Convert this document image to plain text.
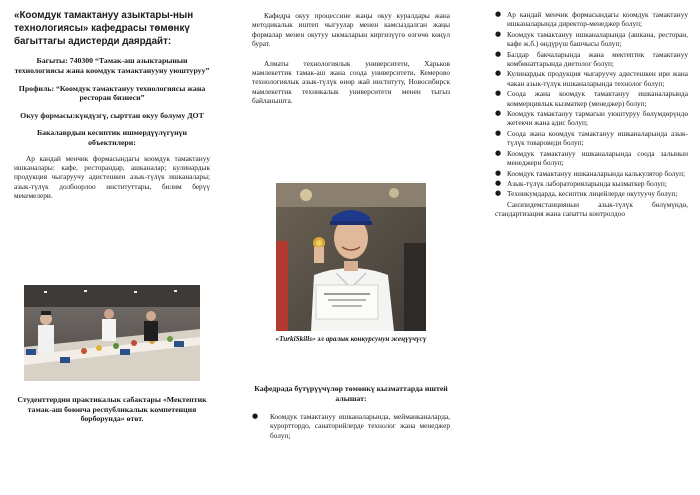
«Коомдук тамактануу азыктары-нын технологиясы» кафедрасы төмөнкү багыттагы адистерди даярдайт:
Багыты: 740300 “Тамак-аш азыктарынын технологиясы жана коомдук тамактанууну уюштуруу”
Профиль: “Коомдук тамактануу технологиясы жана ресторан бизнеси”
Окуу формасы:күндүзгү, сырттан окуу болуму ДОТ
Бакалаврдын кесиптик ишмердүүлүгүнүн объектилери:
Ар кандай менчик формасындагы коомдук тамактануу ишканалары: кафе, ресторандар, ашканалар; кулинардык продукция чыгаруучу адистешкен азык-түлүк ишканалары; азык-түлүк долбоорлоо институттары, билим берүү мекемелери.
Студенттердин практикалык сабактары «Мектептик тамак-аш боюнча республикалык компетенция борборунда» өтөт.
Кафедра окуу процессине жаңы окуу куралдары жана методикалык иштеп чыгуулар менен камсыздалган жаңы формалар менен окутуу ыкмаларын киргизүүгө өзгөчө көңүл бурат.
Алматы технологиялык университети, Харьков мамлекеттик тамак-аш жана соода университети, Кемерово технологиялык азык-түлүк өнөр жай институту, Новосибирск мамлекеттик техникалык университети менен тыгыз байланышта.
«TurkiSkills» эл аралык конкурсунун жеңүүчүсү
Кафедрада бүтүрүүчүлөр төмөнкү кызматтарда иштей алышат:
● Коомдук тамактануу ишканаларында, мейманканаларда, курорттордо, санаторийлерде технолог жана менеджер болуп;
● Ар кандай менчик формасындагы коомдук тамактануу ишканаларында директор-менеджер болуп;
● Коомдук тамактануу ишканаларында (ашкана, ресторан, кафе ж.б.) өндүрүш башчысы болуп;
● Балдар бакчаларында жана мектептик тамактануу комбинаттарында диетолог болуп;
● Кулинардык продукция чыгаруучу адистешкен ири жана чакан азык-түлүк ишканаларында технолог болуп;
● Соода жана коомдук тамактануу ишканаларында коммерциялык кызматкер (менеджер) болуп;
● Коомдук тамактануу тармагын уюштуруу бөлүмдөрүндө жетекчи жана адис болуп;
● Соода жана коомдук тамактануу ишканаларында азык-түлүк товароведи болуп;
● Коомдук тамактануу ишканаларында соода залынын менеджери болуп;
● Коомдук тамактануу ишканаларында калькулятор болуп;
● Азык-түлүк лабораторияларында кызматкер болуп;
● Техникумдарда, кесиптик лицейлерде окутуучу болуп;
Санэпидемстанциянын азык-түлүк бөлүмүндө, стандартизация жана сапатты контролдоо
